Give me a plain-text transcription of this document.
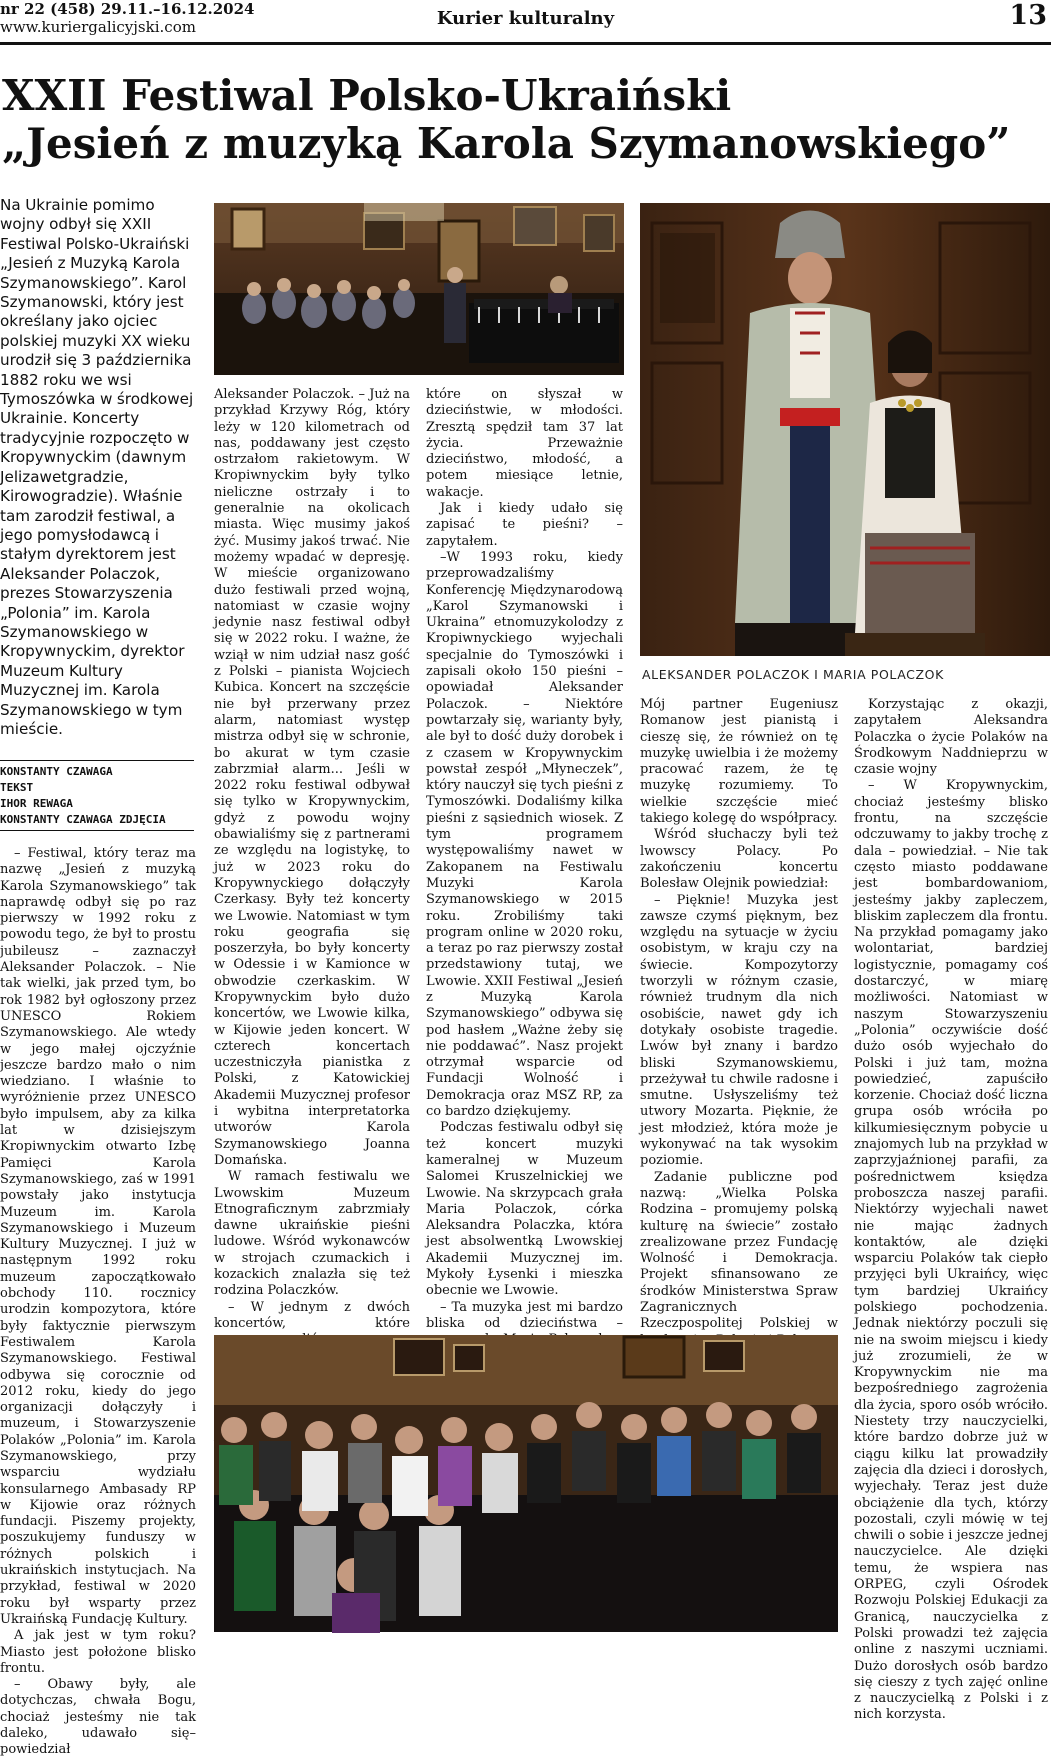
nr 22 (458) 29.11.–16.12.2024
www.kuriergalicyjski.com	Kurier kulturalny	13
XXII Festiwal Polsko-Ukraiński
„Jesień z muzyką Karola Szymanowskiego”
Na Ukrainie pomimo wojny odbył się XXII Festiwal Polsko-Ukraiński „Jesień z Muzyką Karola Szymanowskiego”. Karol Szymanowski, który jest określany jako ojciec polskiej muzyki XX wieku urodził się 3 października 1882 roku we wsi Tymoszówka w środkowej Ukrainie. Koncerty tradycyjnie rozpoczęto w Kropywnyckim (dawnym Jelizawetgradzie, Kirowogradzie). Właśnie tam zarodził festiwal, a jego pomysłodawcą i stałym dyrektorem jest Aleksander Polaczok, prezes Stowarzyszenia „Polonia” im. Karola Szymanowskiego w Kropywnyckim, dyrektor Muzeum Kultury Muzycznej im. Karola Szymanowskiego w tym mieście.
KONSTANTY CZAWAGA
TEKST
IHOR REWAGA
KONSTANTY CZAWAGA ZDJĘCIA

– Festiwal, który teraz ma nazwę „Jesień z muzyką Karola Szymanowskiego” tak naprawdę odbył się po raz pierwszy w 1992 roku z powodu tego, że był to prostu jubileusz – zaznaczył Aleksander Polaczok. – Nie tak wielki, jak przed tym, bo rok 1982 był ogłoszony przez UNESCO Rokiem Szymanowskiego. Ale wtedy w jego małej ojczyźnie jeszcze bardzo mało o nim wiedziano. I właśnie to wyróżnienie przez UNESCO było impulsem, aby za kilka lat w dzisiejszym Kropiwnyckim otwarto Izbę Pamięci Karola Szymanowskiego, zaś w 1991 powstały jako instytucja Muzeum im. Karola Szymanowskiego i Muzeum Kultury Muzycznej. I już w następnym 1992 roku muzeum zapoczątkowało obchody 110. rocznicy urodzin kompozytora, które były faktycznie pierwszym Festiwalem Karola Szymanowskiego. Festiwal odbywa się corocznie od 2012 roku, kiedy do jego organizacji dołączyły i muzeum, i Stowarzyszenie Polaków „Polonia” im. Karola Szymanowskiego, przy wsparciu wydziału konsularnego Ambasady RP w Kijowie oraz różnych fundacji. Piszemy projekty, poszukujemy funduszy w różnych polskich i ukraińskich instytucjach. Na przykład, festiwal w 2020 roku był wsparty przez Ukraińską Fundację Kultury.

A jak jest w tym roku? Miasto jest położone blisko frontu.

– Obawy były, ale dotychczas, chwała Bogu, chociaż jesteśmy nie tak daleko, udawało się– powiedział

Aleksander Polaczok. – Już na przykład Krzywy Róg, który leży w 120 kilometrach od nas, poddawany jest często ostrzałom rakietowym. W Kropiwnyckim były tylko nieliczne ostrzały i to generalnie na okolicach miasta. Więc musimy jakoś żyć. Musimy jakoś trwać. Nie możemy wpadać w depresję. W mieście organizowano dużo festiwali przed wojną, natomiast w czasie wojny jedynie nasz festiwal odbył się w 2022 roku. I ważne, że wziął w nim udział nasz gość z Polski – pianista Wojciech Kubica. Koncert na szczęście nie był przerwany przez alarm, natomiast występ mistrza odbył się w schronie, bo akurat w tym czasie zabrzmiał alarm... Jeśli w 2022 roku festiwal odbywał się tylko w Kropywnyckim, gdyż z powodu wojny obawialiśmy się z partnerami ze względu na logistykę, to już w 2023 roku do Kropywnyckiego dołączyły Czerkasy. Były też koncerty we Lwowie. Natomiast w tym roku geografia się poszerzyła, bo były koncerty w Odessie i w Kamionce w obwodzie czerkaskim. W Kropywnyckim było dużo koncertów, we Lwowie kilka, w Kijowie jeden koncert. W czterech koncertach uczestniczyła pianistka z Polski, z Katowickiej Akademii Muzycznej profesor i wybitna interpretatorka utworów Karola Szymanowskiego Joanna Domańska.

W ramach festiwalu we Lwowskim Muzeum Etnograficznym zabrzmiały dawne ukraińskie pieśni ludowe. Wśród wykonawców w strojach czumackich i kozackich znalazła się też rodzina Polaczków.

– W jednym z dwóch koncertów, które

które on słyszał w dzieciństwie, w młodości. Zresztą spędził tam 37 lat życia. Przeważnie dzieciństwo, młodość, a potem miesiące letnie, wakacje.

Jak i kiedy udało się zapisać te pieśni? – zapytałem.

–W 1993 roku, kiedy przeprowadzaliśmy Konferencję Międzynarodową „Karol Szymanowski i Ukraina” etnomuzykolodzy z Kropiwnyckiego wyjechali specjalnie do Tymoszówki i zapisali około 150 pieśni – opowiadał Aleksander Polaczok. – Niektóre powtarzały się, warianty były, ale był to dość duży dorobek i z czasem w Kropywnyckim powstał zespół „Młyneczek”, który nauczył się tych pieśni z Tymoszówki. Dodaliśmy kilka pieśni z sąsiednich wiosek. Z tym programem występowaliśmy nawet w Zakopanem na Festiwalu Muzyki Karola Szymanowskiego w 2015 roku. Zrobiliśmy taki program online w 2020 roku, a teraz po raz pierwszy został przedstawiony tutaj, we Lwowie. XXII Festiwal „Jesień z Muzyką Karola Szymanowskiego” odbywa się pod hasłem „Ważne żeby się nie poddawać”. Nasz projekt otrzymał wsparcie od Fundacji Wolność i Demokracja oraz MSZ RP, za co bardzo dziękujemy.

Podczas festiwalu odbył się też koncert muzyki kameralnej w Muzeum Salomei Kruszelnickiej we Lwowie. Na skrzypcach grała Maria Polaczok, córka Aleksandra Polaczka, która jest absolwentką Lwowskiej Akademii Muzycznej im. Mykoły Łysenki i mieszka obecnie we Lwowie.

– Ta muzyka jest mi bardzo bliska od dzieciństwa –

ALEKSANDER POLACZOK I MARIA POLACZOK

Mój partner Eugeniusz Romanow jest pianistą i cieszę się, że również on tę muzykę uwielbia i że możemy pracować razem, że tę muzykę rozumiemy. To wielkie szczęście mieć takiego kolegę do współpracy.

Wśród słuchaczy byli też lwowscy Polacy. Po zakończeniu koncertu Bolesław Olejnik powiedział:

– Pięknie! Muzyka jest zawsze czymś pięknym, bez względu na sytuacje w życiu osobistym, w kraju czy na świecie. Kompozytorzy tworzyli w różnym czasie, również trudnym dla nich osobiście, nawet gdy ich dotykały osobiste tragedie. Lwów był znany i bardzo bliski Szymanowskiemu, przeżywał tu chwile radosne i smutne. Usłyszeliśmy też utwory Mozarta. Pięknie, że jest młodzież, która może je wykonywać na tak wysokim poziomie.

Zadanie publiczne pod nazwą: „Wielka Polska Rodzina – promujemy polską kulturę na świecie” zostało zrealizowane przez Fundację Wolność i Demokracja. Projekt sfinansowano ze środków Ministerstwa Spraw Zagranicznych Rzeczpospolitej Polskiej w

Korzystając z okazji, zapytałem Aleksandra Polaczka o życie Polaków na Środkowym Naddnieprzu w czasie wojny

– W Kropywnyckim, chociaż jesteśmy blisko frontu, na szczęście odczuwamy to jakby trochę z dala – powiedział. – Nie tak często miasto poddawane jest bombardowaniom, jesteśmy jakby zapleczem, bliskim zapleczem dla frontu. Na przykład pomagamy jako wolontariat, bardziej logistycznie, pomagamy coś dostarczyć, w miarę możliwości. Natomiast w naszym Stowarzyszeniu „Polonia” oczywiście dość dużo osób wyjechało do Polski i już tam, można powiedzieć, zapuściło korzenie. Chociaż dość liczna grupa osób wróciła po kilkumiesięcznym pobycie u znajomych lub na przykład w zaprzyjaźnionej parafii, za pośrednictwem księdza proboszcza naszej parafii. Niektórzy wyjechali nawet nie mając żadnych kontaktów, ale dzięki wsparciu Polaków tak ciepło przyjęci byli Ukraińcy, więc tym bardziej Ukraińcy polskiego pochodzenia. Jednak niektórzy poczuli się nie na swoim miejscu i kiedy już zrozumieli, że w Kropywnyckim nie ma bezpośredniego zagrożenia dla życia, sporo osób wróciło. Niestety trzy nauczycielki, które bardzo dobrze już w ciągu kilku lat prowadziły zajęcia dla dzieci i dorosłych, wyjechały. Teraz jest duże obciążenie dla tych, którzy pozostali, czyli mówię w tej chwili o sobie i jeszcze jednej nauczycielce. Ale dzięki temu, że wspiera nas ORPEG, czyli Ośrodek Rozwoju Polskiej Edukacji za Granicą, nauczycielka z Polski prowadzi też zajęcia online z naszymi uczniami. Dużo dorosłych osób bardzo się cieszy z tych zajęć online z nauczycielką z Polski i z nich korzysta.
